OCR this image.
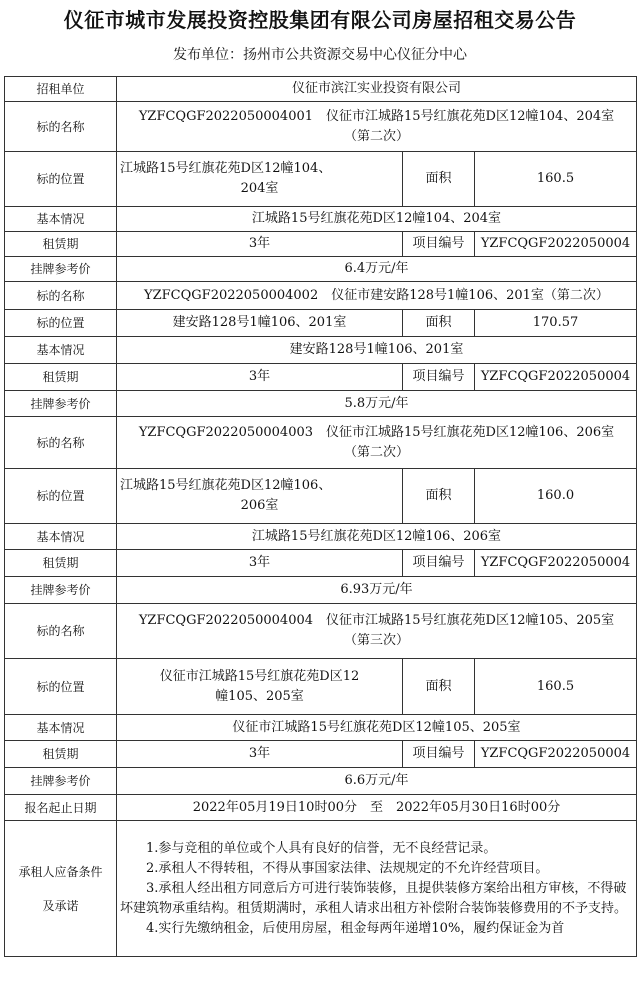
仪征市城市发展投资控股集团有限公司房屋招租交易公告
发布单位：扬州市公共资源交易中心仪征分中心
招租单位	仪征市滨江实业投资有限公司		
标的名称	YZFCQGF2022050004001　仪征市江城路15号红旗花苑D区12幢104、204室
（第二次）		

标的位置	江城路15号红旗花苑D区12幢104、
204室	面积	160.5
基本情况	江城路15号红旗花苑D区12幢104、204室		
租赁期	3年	项目编号	YZFCQGF2022050004
挂牌参考价	6.4万元/年		
标的名称	YZFCQGF2022050004002　仪征市建安路128号1幢106、201室（第二次）		
标的位置	建安路128号1幢106、201室	面积	170.57
基本情况	建安路128号1幢106、201室		
租赁期	3年	项目编号	YZFCQGF2022050004
挂牌参考价	5.8万元/年		
标的名称	YZFCQGF2022050004003　仪征市江城路15号红旗花苑D区12幢106、206室
（第二次）		

标的位置	江城路15号红旗花苑D区12幢106、
206室	面积	160.0
基本情况	江城路15号红旗花苑D区12幢106、206室		
租赁期	3年	项目编号	YZFCQGF2022050004
挂牌参考价	6.93万元/年		
标的名称	YZFCQGF2022050004004　仪征市江城路15号红旗花苑D区12幢105、205室
（第三次）		

标的位置	仪征市江城路15号红旗花苑D区12
幢105、205室	面积	160.5
基本情况	仪征市江城路15号红旗花苑D区12幢105、205室		
租赁期	3年	项目编号	YZFCQGF2022050004
挂牌参考价	6.6万元/年		
报名起止日期	2022年05月19日10时00分　至　2022年05月30日16时00分		

承租人应备条件
及承诺	1.参与竞租的单位或个人具有良好的信誉，无不良经营记录。
2.承租人不得转租，不得从事国家法律、法规规定的不允许经营项目。
3.承租人经出租方同意后方可进行装饰装修，且提供装修方案给出租方审核，不得破坏建筑物承重结构。租赁期满时，承租人请求出租方补偿附合装饰装修费用的不予支持。
4.实行先缴纳租金，后使用房屋，租金每两年递增10%，履约保证金为首		
